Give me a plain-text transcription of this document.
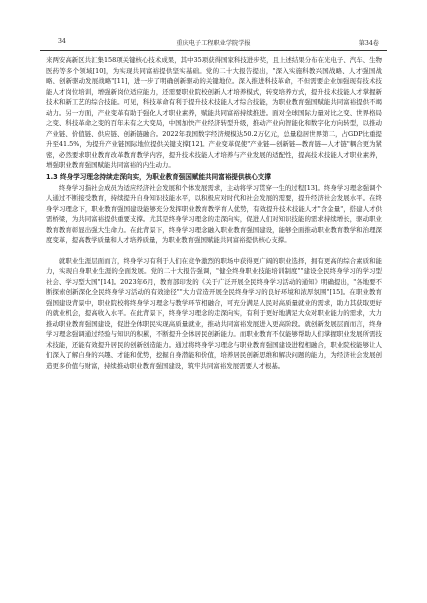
34	重庆电子工程职业学院学报	第34卷

来两安高新区共汇集158项关键核心技术成果，其中35项获得国家科技进步奖，且上述结果分布在光电子、汽车、生物医药等多个领域[10]，为实现共同富裕提供坚实基础。党的二十大报告提出，"深入实施科教兴国战略、人才强国战略、创新驱动发展战略"[11]，进一步了明确创新驱动的关键地位。深入推进科技革命，不但需要企业加强现有技术技能人才岗位培训，增强新岗位适应能力，还需要职业院校创新人才培养模式，转变培养方式，提升技术技能人才掌握新技术和新工艺的综合技能。可见，科技革命有利于提升技术技能人才综合技能，为职业教育强国赋能共同富裕提供不竭动力。另一方面，产业变革有助于强化人才职业素养，赋能共同富裕持续推进。面对全球国际力量对比之变、世界格局之变、科技革命之变的百年未有之大变局，中国加快产业经济转型升级，推动产业向智能化和数字化方向转型，以推动产业链、价值链、供应链、创新链融合。2022年我国数字经济规模达50.2万亿元，总量稳居世界第二，占GDP比重提升至41.5%，为提升产业链国际地位提供关键支撑[12]。产业变革促使"产业链—创新链—教育链—人才链"耦合更为紧密，必然要求职业教育改革教育教学内容，提升技术技能人才培养与产业发展的适配性，提高技术技能人才职业素养，增强职业教育强国赋能共同富裕的内生动力。

1.3 终身学习理念持续走深向实，为职业教育强国赋能共同富裕提供核心支撑

终身学习指社会成员为适应经济社会发展和个体发展需求，主动将学习贯穿一生的过程[13]。终身学习理念强调个人通过不断接受教育，持续提升自身知识技能水平，以积极应对时代和社会发展的需要，提升经济社会发展水平。在终身学习理念下，职业教育强国建设能够充分发挥职业教育教学育人优势，有效提升技术技能人才"含金量"，搭建人才供需桥梁，为共同富裕提供重要支撑。尤其是终身学习理念的走深向实，促进人们对知识技能的需求持续增长，驱动职业教育教育彰显出强大生命力。在此背景下，终身学习理念融入职业教育强国建设，能够全面推动职业教育教学和治理深度变革，提高教学质量和人才培养质量，为职业教育强国赋能共同富裕提供核心支撑。

就职业生涯层面而言，终身学习有利于人们在竞争激烈的职场中获得更广阔的职业选择，拥有更高的综合素质和能力，实现自身职业生涯的全面发展。党的二十大报告强调，"健全终身职业技能培训制度""建设全民终身学习的学习型社会、学习型大国"[14]。2023年6月，教育部印发的《关于广泛开展全民终身学习活动的通知》明确提出，"各地要不断探索创新深化全民终身学习活动的有效途径""大力营造开展全民终身学习的良好环境和浓厚氛围"[15]。在职业教育强国建设背景中，职业院校将终身学习理念与教学环节相融合，可充分满足人民对高质量就业的需求，助力其获取更好的就业机会，提高收入水平。在此背景下，终身学习理念的走深向实，有利于更好地满足大众对职业能力的需求，大力推动职业教育强国建设，促进全体职民实现高质量就业，推动共同富裕发展进入更高阶段。就创新发展层面而言，终身学习理念强调通过经验与知识的积累，不断提升全体居民创新能力。而职业教育不仅能够帮助人们掌握职业发展所需技术技能，还能有效提升居民的创新创造能力。通过将终身学习理念与职业教育强国建设进程相融合，职业院校能够让人们深入了解自身的兴趣、才能和优势，挖掘自身潜能和价值，培养居民创新思维和解决问题的能力，为经济社会发展创造更多价值与财富，持续推动职业教育强国建设，筑牢共同富裕发展需要人才根基。
